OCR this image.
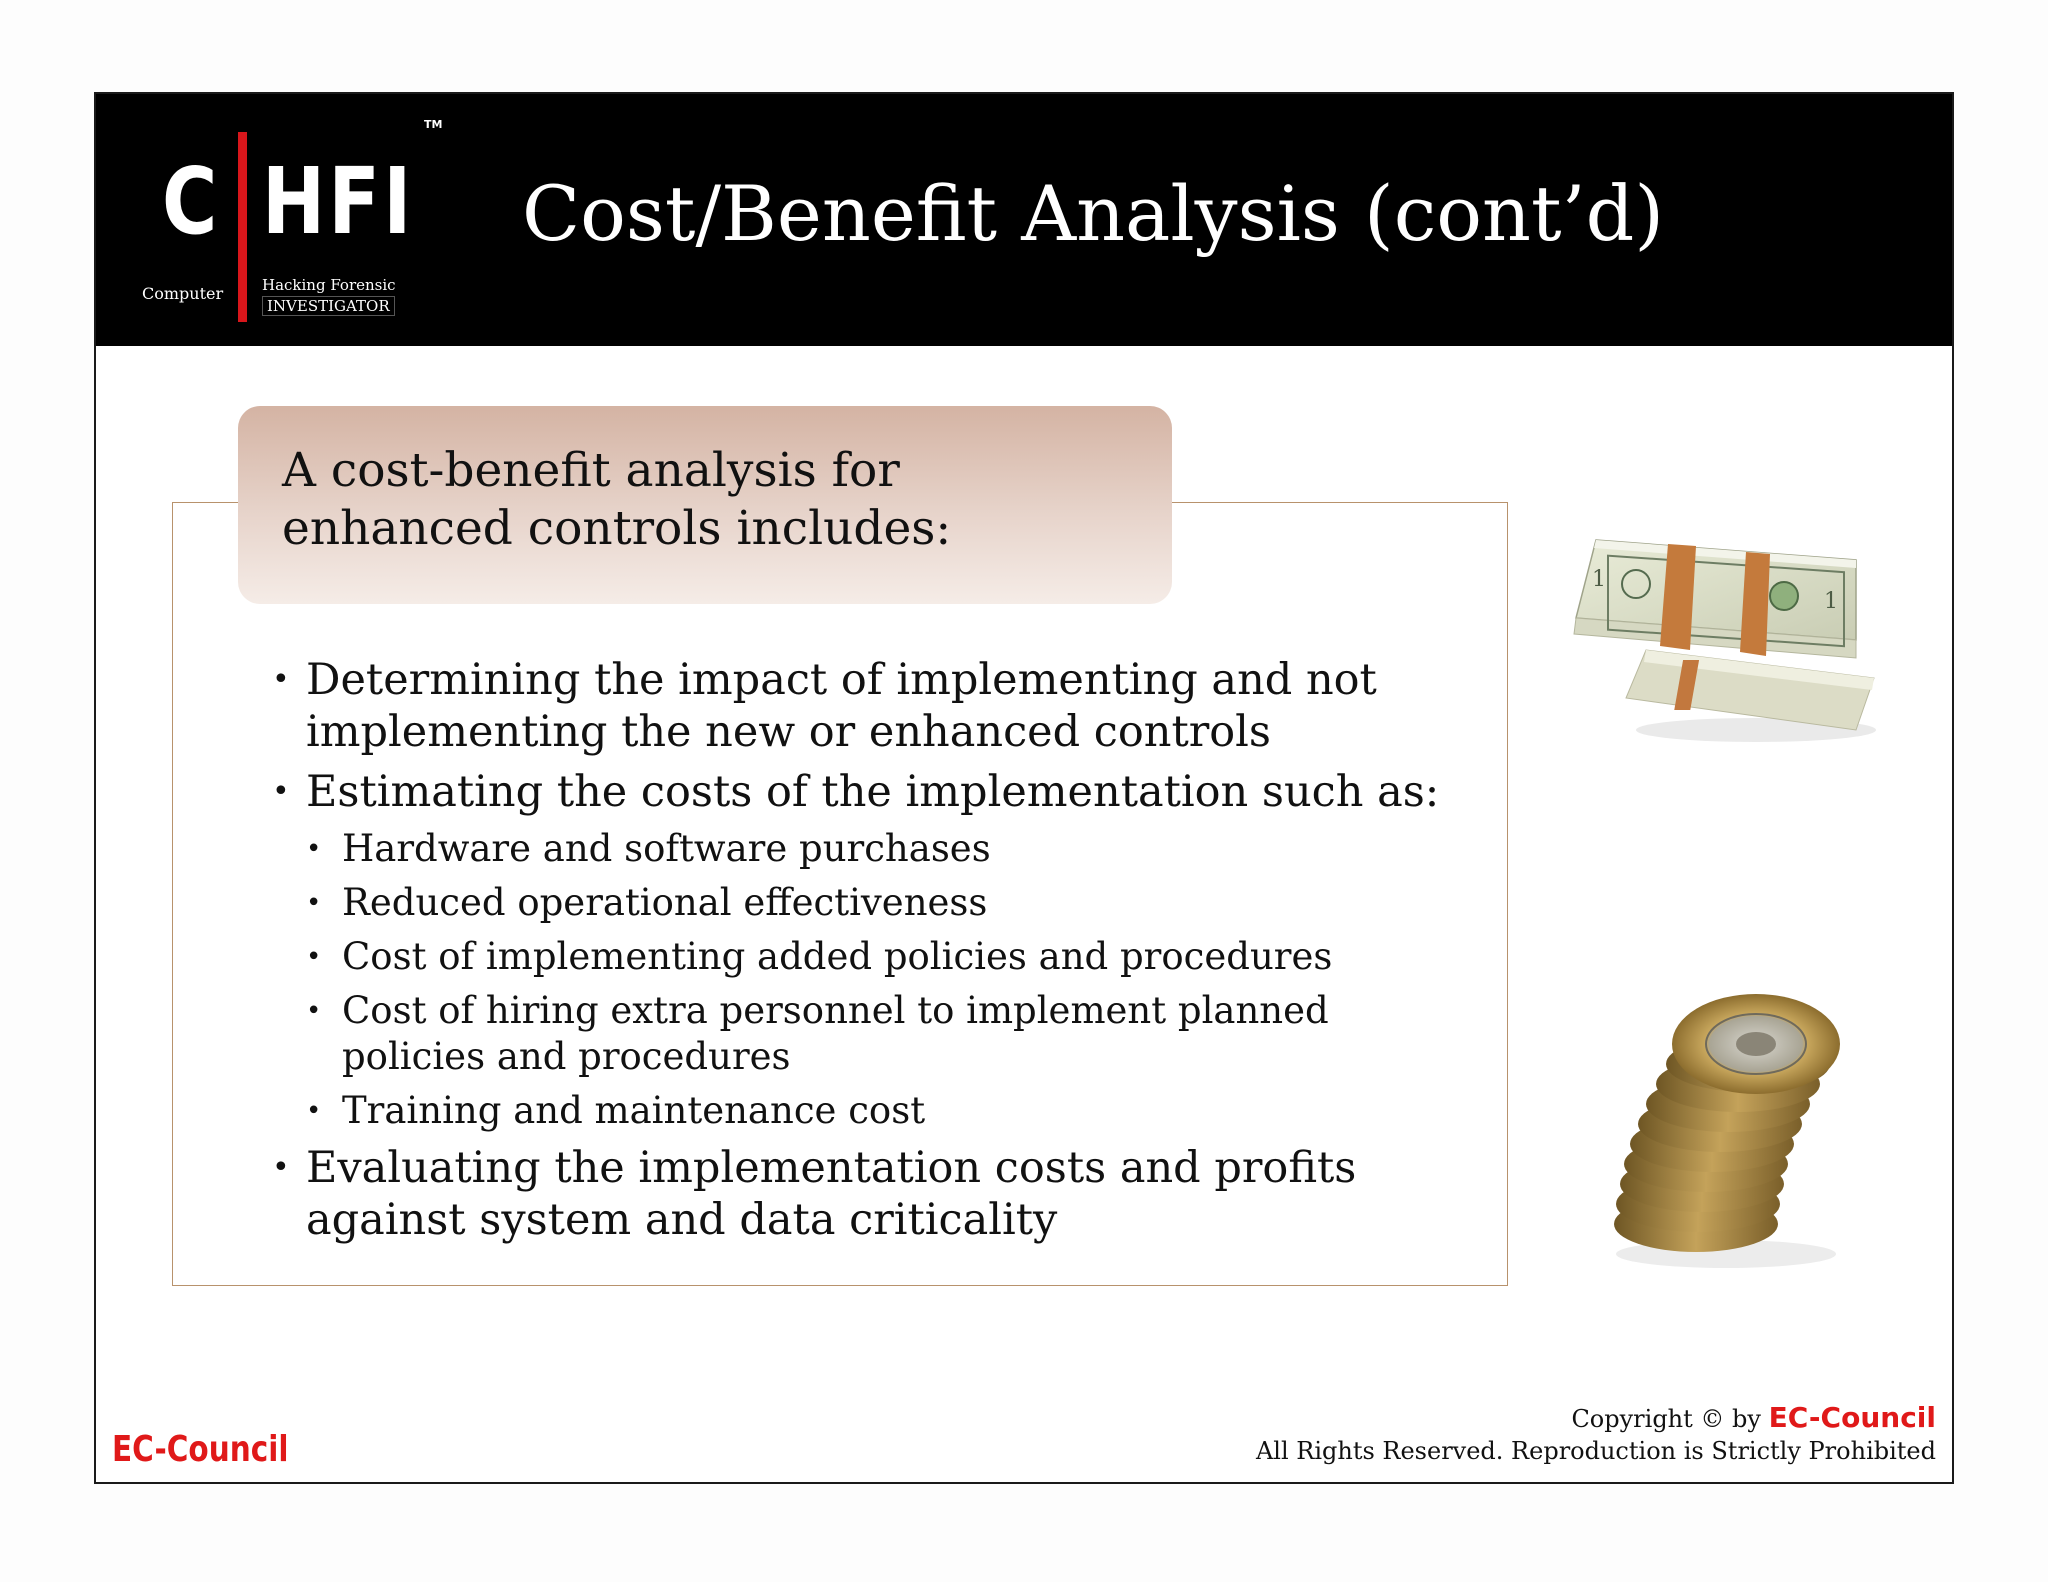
C HFI
TM
Computer	Hacking Forensic
INVESTIGATOR
Cost/Benefit Analysis (cont’d)
A cost-benefit analysis for enhanced controls includes:
• Determining the impact of implementing and not implementing the new or enhanced controls
• Estimating the costs of the implementation such as:
• Hardware and software purchases
• Reduced operational effectiveness
• Cost of implementing added policies and procedures
• Cost of hiring extra personnel to implement planned policies and procedures
• Training and maintenance cost
• Evaluating the implementation costs and profits against system and data criticality
1
1
EC-Council
Copyright © by EC-Council
All Rights Reserved. Reproduction is Strictly Prohibited
